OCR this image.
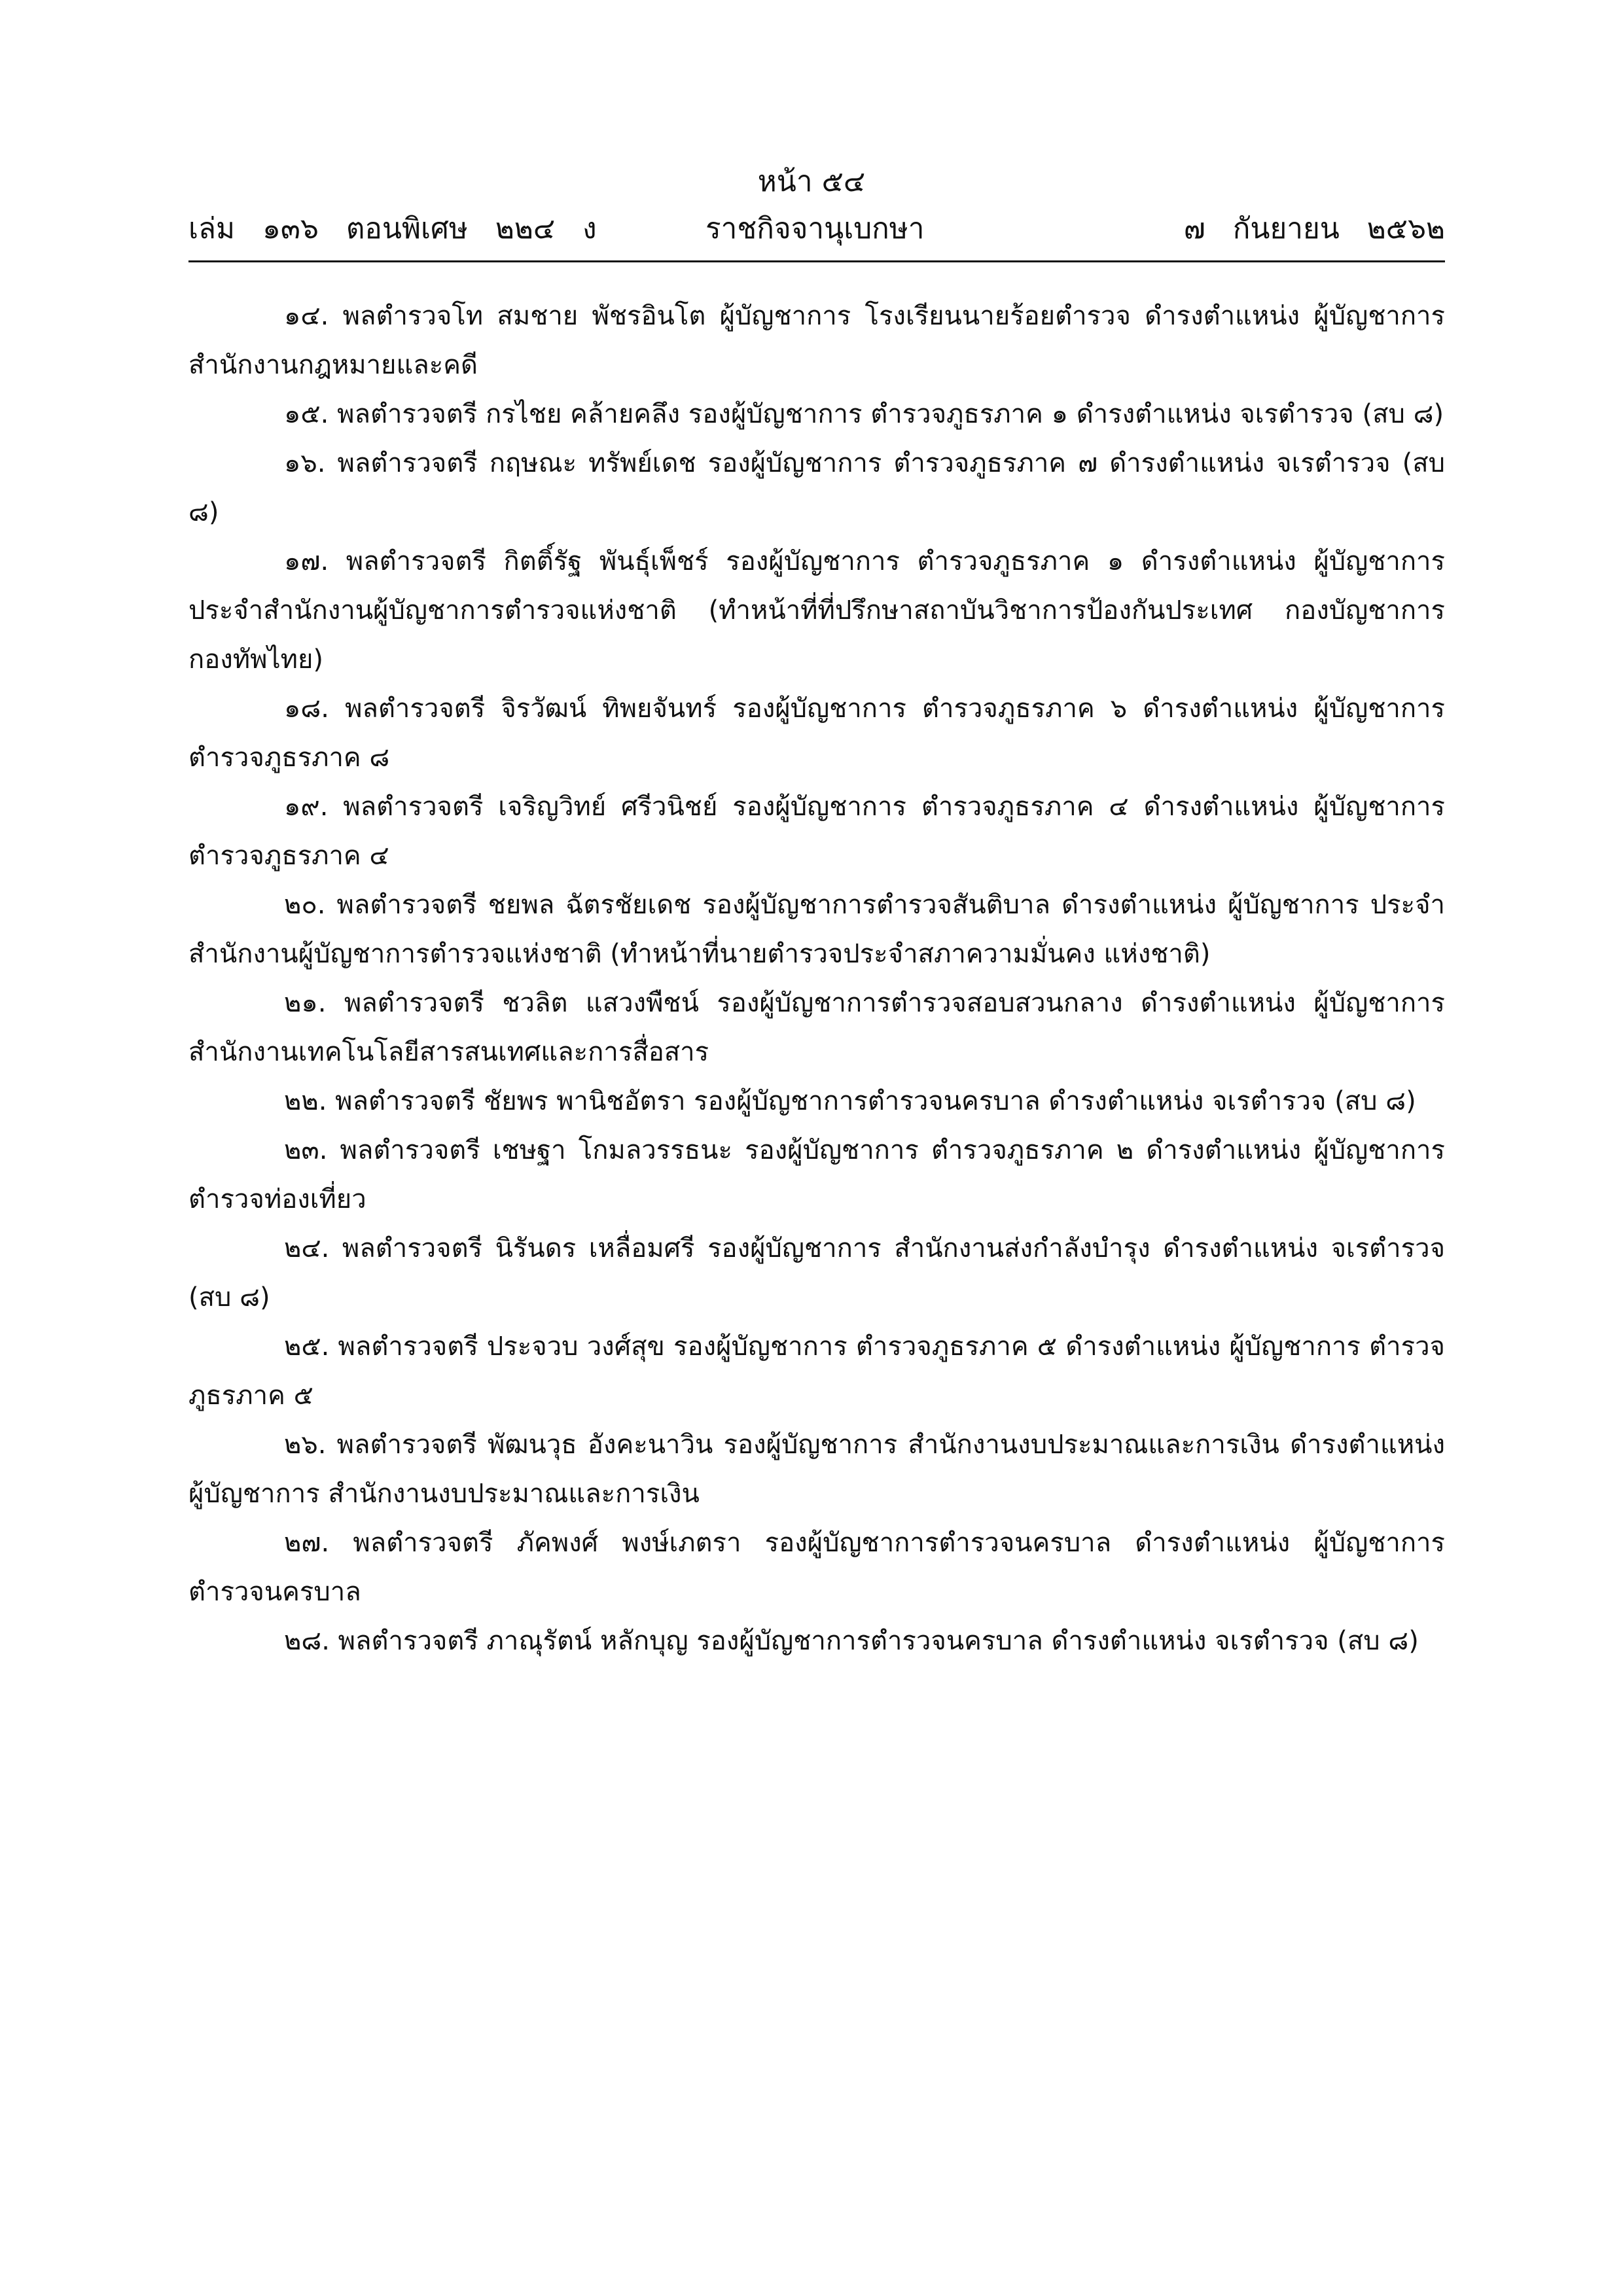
หน้า ๕๔
เล่ม   ๑๓๖   ตอนพิเศษ   ๒๒๔   ง	ราชกิจจานุเบกษา	๗   กันยายน   ๒๕๖๒

๑๔. พลตำรวจโท สมชาย พัชรอินโต ผู้บัญชาการ โรงเรียนนายร้อยตำรวจ ดำรงตำแหน่ง ผู้บัญชาการ สำนักงานกฎหมายและคดี

๑๕. พลตำรวจตรี กรไชย คล้ายคลึง รองผู้บัญชาการ ตำรวจภูธรภาค ๑ ดำรงตำแหน่ง จเรตำรวจ (สบ ๘)

๑๖. พลตำรวจตรี กฤษณะ ทรัพย์เดช รองผู้บัญชาการ ตำรวจภูธรภาค ๗ ดำรงตำแหน่ง จเรตำรวจ (สบ ๘)

๑๗. พลตำรวจตรี กิตติ์รัฐ พันธุ์เพ็ชร์ รองผู้บัญชาการ ตำรวจภูธรภาค ๑ ดำรงตำแหน่ง ผู้บัญชาการ ประจำสำนักงานผู้บัญชาการตำรวจแห่งชาติ (ทำหน้าที่ที่ปรึกษาสถาบันวิชาการป้องกันประเทศ กองบัญชาการกองทัพไทย)

๑๘. พลตำรวจตรี จิรวัฒน์ ทิพยจันทร์ รองผู้บัญชาการ ตำรวจภูธรภาค ๖ ดำรงตำแหน่ง ผู้บัญชาการ ตำรวจภูธรภาค ๘

๑๙. พลตำรวจตรี เจริญวิทย์ ศรีวนิชย์ รองผู้บัญชาการ ตำรวจภูธรภาค ๔ ดำรงตำแหน่ง ผู้บัญชาการ ตำรวจภูธรภาค ๔

๒๐. พลตำรวจตรี ชยพล ฉัตรชัยเดช รองผู้บัญชาการตำรวจสันติบาล ดำรงตำแหน่ง ผู้บัญชาการ ประจำสำนักงานผู้บัญชาการตำรวจแห่งชาติ (ทำหน้าที่นายตำรวจประจำสภาความมั่นคง แห่งชาติ)

๒๑. พลตำรวจตรี ชวลิต แสวงพืชน์ รองผู้บัญชาการตำรวจสอบสวนกลาง ดำรงตำแหน่ง ผู้บัญชาการ สำนักงานเทคโนโลยีสารสนเทศและการสื่อสาร

๒๒. พลตำรวจตรี ชัยพร พานิชอัตรา รองผู้บัญชาการตำรวจนครบาล ดำรงตำแหน่ง จเรตำรวจ (สบ ๘)

๒๓. พลตำรวจตรี เชษฐา โกมลวรรธนะ รองผู้บัญชาการ ตำรวจภูธรภาค ๒ ดำรงตำแหน่ง ผู้บัญชาการตำรวจท่องเที่ยว

๒๔. พลตำรวจตรี นิรันดร เหลื่อมศรี รองผู้บัญชาการ สำนักงานส่งกำลังบำรุง ดำรงตำแหน่ง จเรตำรวจ (สบ ๘)

๒๕. พลตำรวจตรี ประจวบ วงศ์สุข รองผู้บัญชาการ ตำรวจภูธรภาค ๕ ดำรงตำแหน่ง ผู้บัญชาการ ตำรวจภูธรภาค ๕

๒๖. พลตำรวจตรี พัฒนวุธ อังคะนาวิน รองผู้บัญชาการ สำนักงานงบประมาณและการเงิน ดำรงตำแหน่ง ผู้บัญชาการ สำนักงานงบประมาณและการเงิน

๒๗. พลตำรวจตรี ภัคพงศ์ พงษ์เภตรา รองผู้บัญชาการตำรวจนครบาล ดำรงตำแหน่ง ผู้บัญชาการตำรวจนครบาล

๒๘. พลตำรวจตรี ภาณุรัตน์ หลักบุญ รองผู้บัญชาการตำรวจนครบาล ดำรงตำแหน่ง จเรตำรวจ (สบ ๘)
